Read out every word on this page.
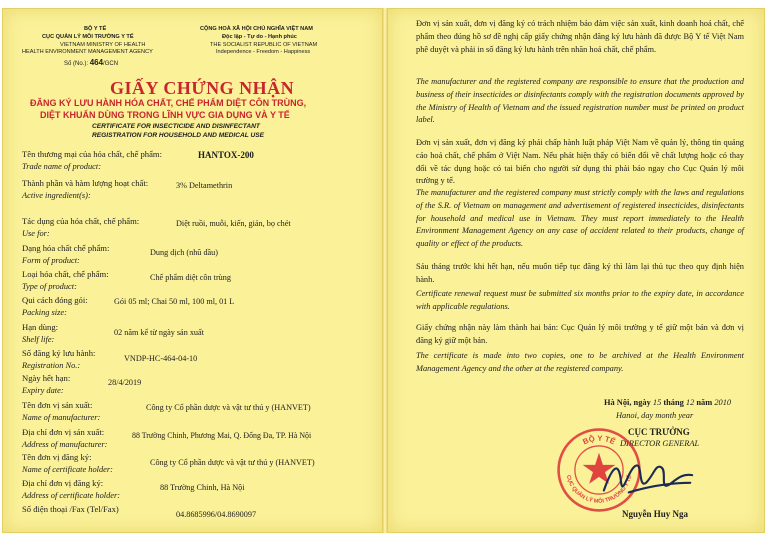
BỘ Y TẾ
CỤC QUẢN LÝ MÔI TRƯỜNG Y TẾ
VIETNAM MINISTRY OF HEALTH
HEALTH ENVIRONMENT MANAGEMENT AGENCY
Số (No.): 464/GCN
CỘNG HOÀ XÃ HỘI CHỦ NGHĨA VIỆT NAM
Độc lập - Tự do - Hạnh phúc
THE SOCIALIST REPUBLIC OF VIETNAM
Independence - Freedom - Happiness
GIẤY CHỨNG NHẬN
ĐĂNG KÝ LƯU HÀNH HÓA CHẤT, CHẾ PHẨM DIỆT CÔN TRÙNG,
DIỆT KHUẨN DÙNG TRONG LĨNH VỰC GIA DỤNG VÀ Y TẾ
CERTIFICATE FOR INSECTICIDE AND DISINFECTANT
REGISTRATION FOR HOUSEHOLD AND MEDICAL USE
Tên thương mại của hóa chất, chế phẩm:
Trade name of product:
HANTOX-200
Thành phần và hàm lượng hoạt chất:
Active ingredient(s):
3% Deltamethrin
Tác dụng của hóa chất, chế phẩm:
Use for:
Diệt ruồi, muỗi, kiến, gián, bọ chét
Dạng hóa chất chế phẩm:
Form of product:
Dung dịch (nhũ dầu)
Loại hóa chất, chế phẩm:
Type of product:
Chế phẩm diệt côn trùng
Qui cách đóng gói:
Packing size:
Gói 05 ml; Chai 50 ml, 100 ml, 01 L
Hạn dùng:
Shelf life:
02 năm kể từ ngày sản xuất
Số đăng ký lưu hành:
Registration No.:
VNDP-HC-464-04-10
Ngày hết hạn:
Expiry date:
28/4/2019
Tên đơn vị sản xuất:
Name of manufacturer:
Công ty Cổ phần dược và vật tư thú y (HANVET)
Địa chỉ đơn vị sản xuất:
Address of manufacturer:
88 Trường Chinh, Phương Mai, Q. Đống Đa, TP. Hà Nội
Tên đơn vị đăng ký:
Name of certificate holder:
Công ty Cổ phần dược và vật tư thú y (HANVET)
Địa chỉ đơn vị đăng ký:
Address of certificate holder:
88 Trường Chinh, Hà Nội
Số điện thoại /Fax (Tel/Fax)
04.8685996/04.8690097
Đơn vị sản xuất, đơn vị đăng ký có trách nhiệm bảo đảm việc sản xuất, kinh doanh hoá chất, chế phẩm theo đúng hồ sơ đề nghị cấp giấy chứng nhận đăng ký lưu hành đã được Bộ Y tế Việt Nam phê duyệt và phải in số đăng ký lưu hành trên nhãn hoá chất, chế phẩm.
The manufacturer and the registered company are responsible to ensure that the production and business of their insecticides or disinfectants comply with the registration documents approved by the Ministry of Health of Vietnam and the issued registration number must be printed on product label.
Đơn vị sản xuất, đơn vị đăng ký phải chấp hành luật pháp Việt Nam về quản lý, thông tin quảng cáo hoá chất, chế phẩm ở Việt Nam. Nếu phát hiện thấy có biến đổi về chất lượng hoặc có thay đổi về tác dụng hoặc có tai biến cho người sử dụng thì phải báo ngay cho Cục Quản lý môi trường y tế.
The manufacturer and the registered company must strictly comply with the laws and regulations of the S.R. of Vietnam on management and advertisement of registered insecticides, disinfectants for household and medical use in Vietnam. They must report immediately to the Health Environment Management Agency on any case of accident related to their products, change of quality or effect of the products.
Sáu tháng trước khi hết hạn, nếu muốn tiếp tục đăng ký thì làm lại thủ tục theo quy định hiện hành.
Certificate renewal request must be submitted six months prior to the expiry date, in accordance with applicable regulations.
Giấy chứng nhận này làm thành hai bản: Cục Quản lý môi trường y tế giữ một bản và đơn vị đăng ký giữ một bản.
The certificate is made into two copies, one to be archived at the Health Environment Management Agency and the other at the registered company.
Hà Nội, ngày 15 tháng 12 năm 2010
Hanoi, day month year
CỤC TRƯỞNG
DIRECTOR GENERAL
Nguyễn Huy Nga
BỘ Y TẾ
CỤC QUẢN LÝ MÔI TRƯỜNG Y TẾ
